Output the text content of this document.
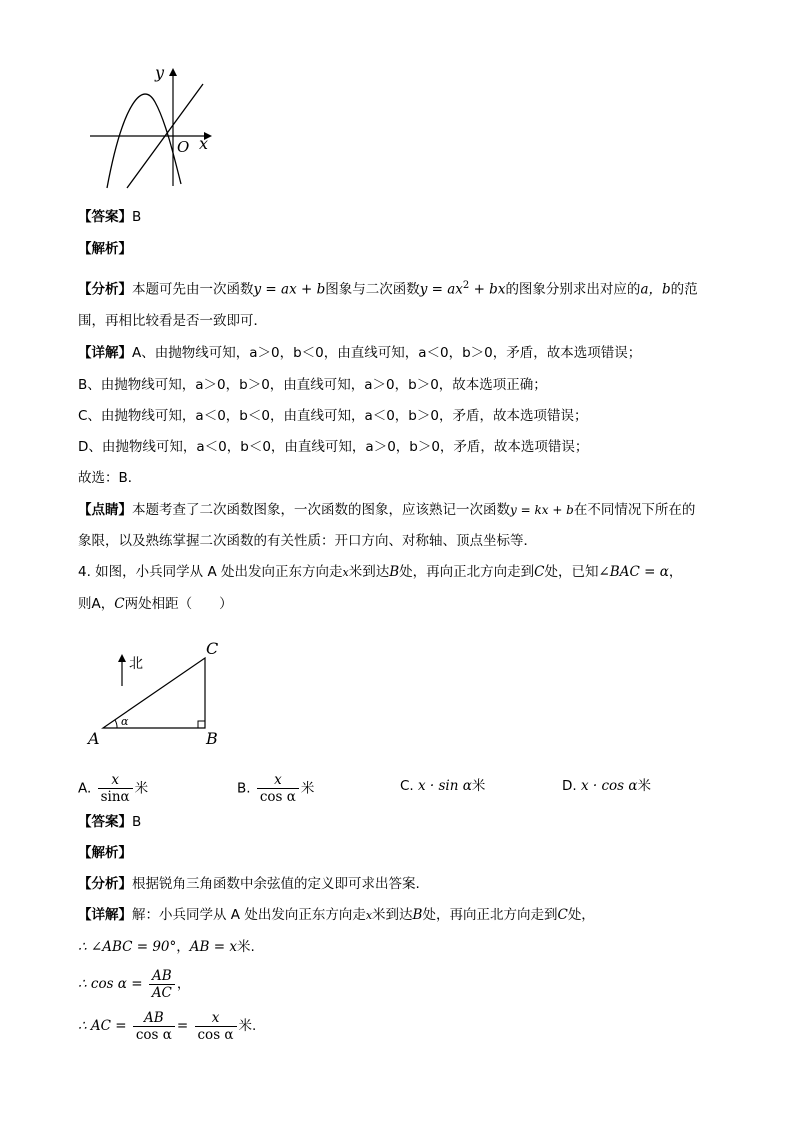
y
x
O
【答案】B
【解析】
【分析】本题可先由一次函数y = ax + b图象与二次函数$y = ax^2$ + bx的图象分别求出对应的a，b的范
围，再相比较看是否一致即可．
【详解】A、由抛物线可知，a＞0，b＜0，由直线可知，a＜0，b＞0，矛盾，故本选项错误；
B、由抛物线可知，a＞0，b＞0，由直线可知，a＞0，b＞0，故本选项正确；
C、由抛物线可知，a＜0，b＜0，由直线可知，a＜0，b＞0，矛盾，故本选项错误；
D、由抛物线可知，a＜0，b＜0，由直线可知，a＞0，b＞0，矛盾，故本选项错误；
故选：B．
【点睛】本题考查了二次函数图象，一次函数的图象，应该熟记一次函数y = kx + b在不同情况下所在的
象限，以及熟练掌握二次函数的有关性质：开口方向、对称轴、顶点坐标等．
4. 如图，小兵同学从 A 处出发向正东方向走x米到达B处，再向正北方向走到C处，已知∠BAC = α，
则A，C两处相距（　　）
北
α
A	B
C
A. $\frac{x}{\sin\alpha}$ 米	B. $\frac{x}{\text{cos α}}$ 米	C. x · sin α米	D. x · cos α米
【答案】B
【解析】
【分析】根据锐角三角函数中余弦值的定义即可求出答案.
【详解】解：小兵同学从 A 处出发向正东方向走x米到达B处，再向正北方向走到C处，
∴ ∠ABC = 90°，AB = x米.
∴ $\cos \alpha = \frac{AB}{AC}$ ，
∴ AC = $\frac{AB}{\text{cos α}} = \frac{x}{\text{cos α}}$ 米.
